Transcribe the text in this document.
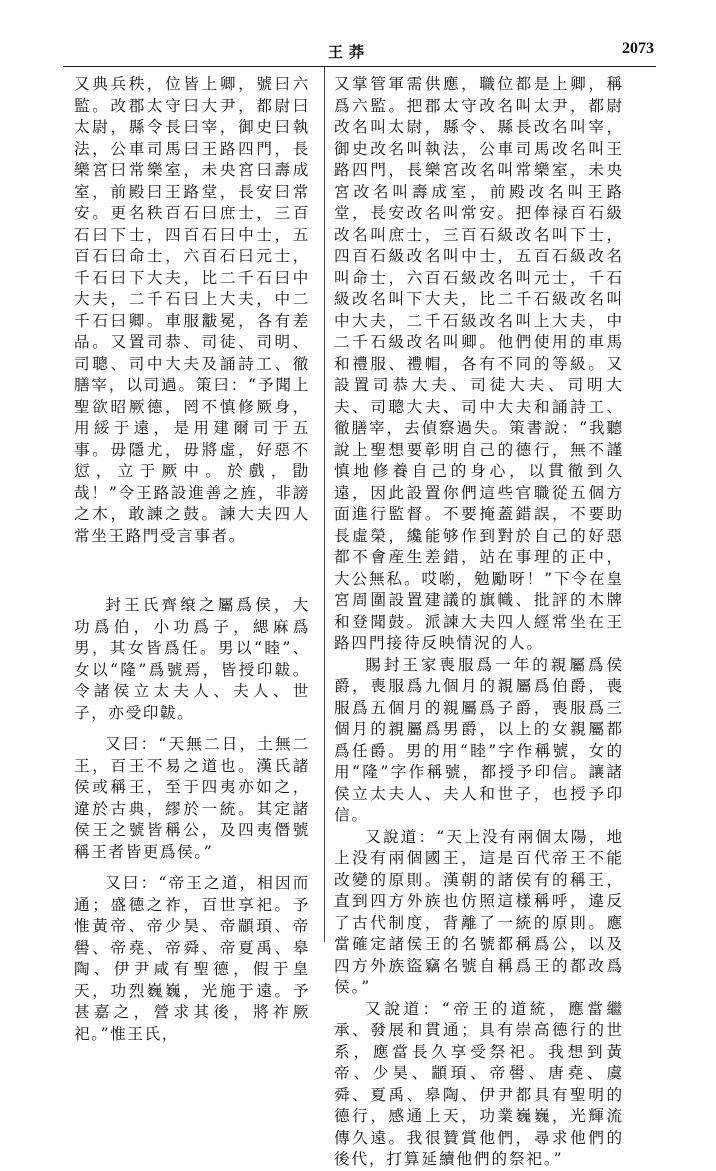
王莽	2073

又典兵秩，位皆上卿，號曰六監。改郡太守曰大尹，都尉曰太尉，縣令長曰宰，御史曰執法，公車司馬曰王路四門，長樂宮曰常樂室，未央宮曰壽成室，前殿曰王路堂，長安曰常安。更名秩百石曰庶士，三百石曰下士，四百石曰中士，五百石曰命士，六百石曰元士，千石曰下大夫，比二千石曰中大夫，二千石曰上大夫，中二千石曰卿。車服黻冕，各有差品。又置司恭、司徒、司明、司聰、司中大夫及誦詩工、徹膳宰，以司過。策曰：“予聞上聖欲昭厥德，罔不慎修厥身，用綏于遠，是用建爾司于五事。毋隱尤，毋將虛，好惡不愆，立于厥中。於戲，勖哉！”令王路設進善之旌，非謗之木，敢諫之鼓。諫大夫四人常坐王路門受言事者。

封王氏齊缞之屬爲侯，大功爲伯，小功爲子，緦麻爲男，其女皆爲任。男以“睦”、女以“隆”爲號焉，皆授印韍。令諸侯立太夫人、夫人、世子，亦受印韍。

又曰：“天無二日，土無二王，百王不易之道也。漢氏諸侯或稱王，至于四夷亦如之，違於古典，繆於一統。其定諸侯王之號皆稱公，及四夷僭號稱王者皆更爲侯。”

又曰：“帝王之道，相因而通；盛德之祚，百世享祀。予惟黃帝、帝少昊、帝顓頊、帝嚳、帝堯、帝舜、帝夏禹、皋陶、伊尹咸有聖德，假于皇天，功烈巍巍，光施于遠。予甚嘉之，營求其後，將祚厥祀。”惟王氏，

又掌管軍需供應，職位都是上卿，稱爲六監。把郡太守改名叫太尹，都尉改名叫太尉，縣令、縣長改名叫宰，御史改名叫執法，公車司馬改名叫王路四門，長樂宮改名叫常樂室，未央宮改名叫壽成室，前殿改名叫王路堂，長安改名叫常安。把俸禄百石級改名叫庶士，三百石級改名叫下士，四百石級改名叫中士，五百石級改名叫命士，六百石級改名叫元士，千石級改名叫下大夫，比二千石級改名叫中大夫，二千石級改名叫上大夫，中二千石級改名叫卿。他們使用的車馬和禮服、禮帽，各有不同的等級。又設置司恭大夫、司徒大夫、司明大夫、司聰大夫、司中大夫和誦詩工、徹膳宰，去偵察過失。策書說：“我聽說上聖想要彰明自己的德行，無不謹慎地修養自己的身心，以貫徹到久遠，因此設置你們這些官職從五個方面進行監督。不要掩蓋錯誤，不要助長虛榮，纔能够作到對於自己的好惡都不會産生差錯，站在事理的正中，大公無私。哎喲，勉勵呀！”下令在皇宮周圍設置建議的旗幟、批評的木牌和登聞鼓。派諫大夫四人經常坐在王路四門接待反映情況的人。

賜封王家喪服爲一年的親屬爲侯爵，喪服爲九個月的親屬爲伯爵，喪服爲五個月的親屬爲子爵，喪服爲三個月的親屬爲男爵，以上的女親屬都爲任爵。男的用“睦”字作稱號，女的用“隆”字作稱號，都授予印信。讓諸侯立太夫人、夫人和世子，也授予印信。

又說道：“天上没有兩個太陽，地上没有兩個國王，這是百代帝王不能改變的原則。漢朝的諸侯有的稱王，直到四方外族也仿照這樣稱呼，違反了古代制度，背離了一統的原則。應當確定諸侯王的名號都稱爲公，以及四方外族盜竊名號自稱爲王的都改爲侯。”

又說道：“帝王的道統，應當繼承、發展和貫通；具有崇高德行的世系，應當長久享受祭祀。我想到黃帝、少昊、顓頊、帝嚳、唐堯、虞舜、夏禹、皋陶、伊尹都具有聖明的德行，感通上天，功業巍巍，光輝流傳久遠。我很贊賞他們，尋求他們的後代，打算延續他們的祭祀。”
